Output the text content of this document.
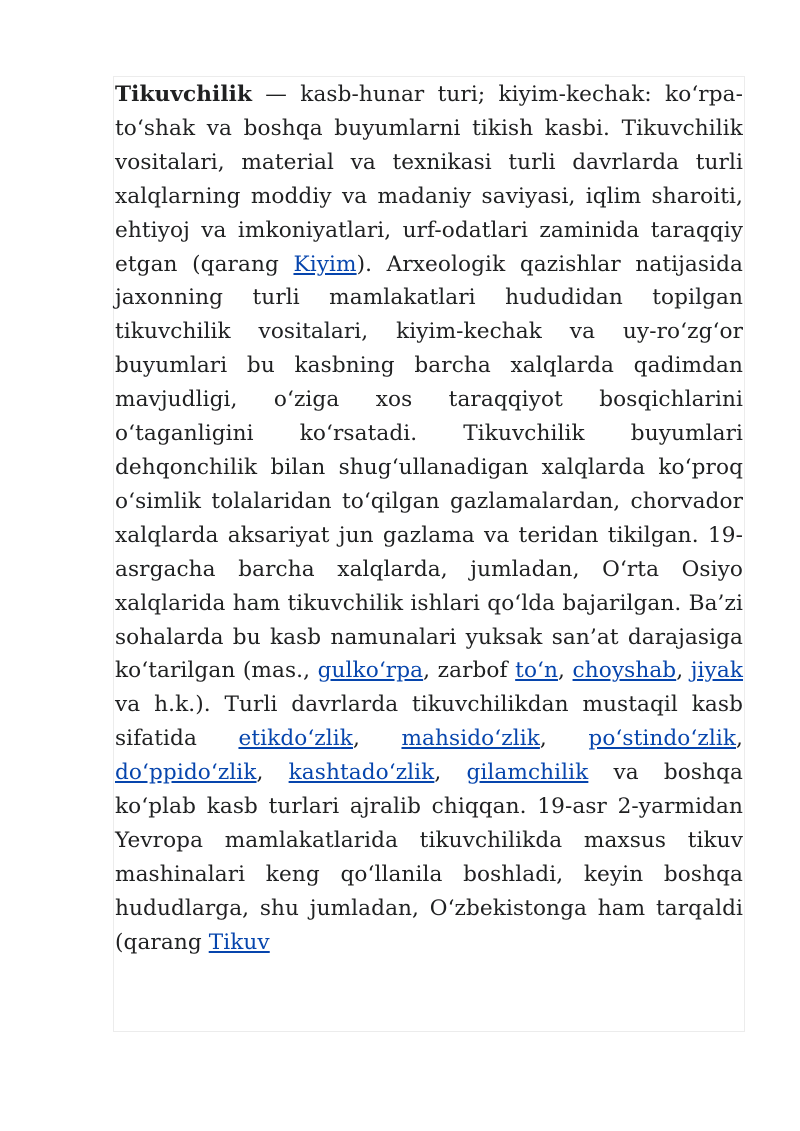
Tikuvchilik — kasb-hunar turi; kiyim-kechak: ko‘rpa-to‘shak va boshqa buyumlarni tikish kasbi. Tikuvchilik vositalari, material va texnikasi turli davrlarda turli xalqlarning moddiy va madaniy saviyasi, iqlim sharoiti, ehtiyoj va imkoniyatlari, urf-odatlari zaminida taraqqiy etgan (qarang Kiyim). Arxeologik qazishlar natijasida jaxonning turli mamlakatlari hududidan topilgan tikuvchilik vositalari, kiyim-kechak va uy-ro‘zg‘or buyumlari bu kasbning barcha xalqlarda qadimdan mavjudligi, o‘ziga xos taraqqiyot bosqichlarini o‘taganligini ko‘rsatadi. Tikuvchilik buyumlari dehqonchilik bilan shug‘ullanadigan xalqlarda ko‘proq o‘simlik tolalaridan to‘qilgan gazlamalardan, chorvador xalqlarda aksariyat jun gazlama va teridan tikilgan. 19-asrgacha barcha xalqlarda, jumladan, O‘rta Osiyo xalqlarida ham tikuvchilik ishlari qo‘lda bajarilgan. Ba’zi sohalarda bu kasb namunalari yuksak san’at darajasiga ko‘tarilgan (mas., gulko‘rpa, zarbof to‘n, choyshab, jiyak va h.k.). Turli davrlarda tikuvchilikdan mustaqil kasb sifatida etikdo‘zlik, mahsido‘zlik, po‘stindo‘zlik, do‘ppido‘zlik, kashtado‘zlik, gilamchilik va boshqa ko‘plab kasb turlari ajralib chiqqan. 19-asr 2-yarmidan Yevropa mamlakatlarida tikuvchilikda maxsus tikuv mashinalari keng qo‘llanila boshladi, keyin boshqa hududlarga, shu jumladan, O‘zbekistonga ham tarqaldi (qarang Tikuv
